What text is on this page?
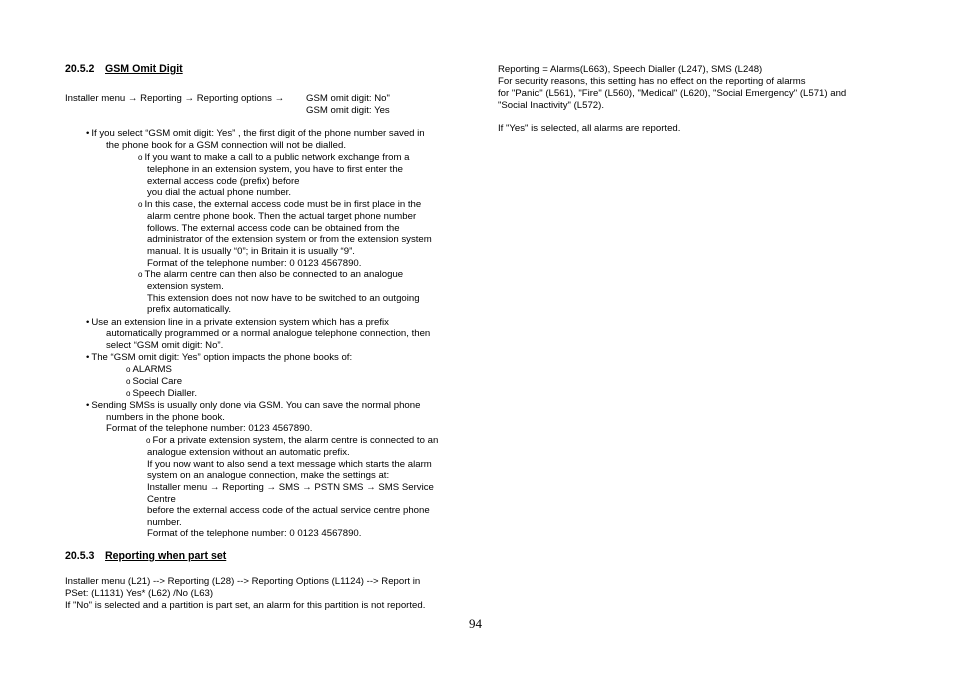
20.5.2 GSM Omit Digit
Installer menu → Reporting → Reporting options → GSM omit digit: No"
GSM omit digit: Yes
• If you select “GSM omit digit: Yes” , the first digit of the phone number saved in
the phone book for a GSM connection will not be dialled.
o If you want to make a call to a public network exchange from a
telephone in an extension system, you have to first enter the
external access code (prefix) before
you dial the actual phone number.
o In this case, the external access code must be in first place in the
alarm centre phone book. Then the actual target phone number
follows. The external access code can be obtained from the
administrator of the extension system or from the extension system
manual. It is usually “0”; in Britain it is usually “9”.
Format of the telephone number: 0 0123 4567890.
o The alarm centre can then also be connected to an analogue
extension system.
This extension does not now have to be switched to an outgoing
prefix automatically.
• Use an extension line in a private extension system which has a prefix
automatically programmed or a normal analogue telephone connection, then
select “GSM omit digit: No”.
• The “GSM omit digit: Yes” option impacts the phone books of:
o ALARMS
o Social Care
o Speech Dialler.
• Sending SMSs is usually only done via GSM. You can save the normal phone
numbers in the phone book.
Format of the telephone number: 0123 4567890.
o For a private extension system, the alarm centre is connected to an
analogue extension without an automatic prefix.
If you now want to also send a text message which starts the alarm
system on an analogue connection, make the settings at:
Installer menu → Reporting → SMS → PSTN SMS → SMS Service
Centre
before the external access code of the actual service centre phone
number.
Format of the telephone number: 0 0123 4567890.
20.5.3 Reporting when part set
Installer menu (L21) --> Reporting (L28) --> Reporting Options (L1124) --> Report in
PSet: (L1131) Yes* (L62) /No (L63)
If "No" is selected and a partition is part set, an alarm for this partition is not reported.
Reporting = Alarms(L663), Speech Dialler (L247), SMS (L248)
For security reasons, this setting has no effect on the reporting of alarms
for "Panic" (L561), "Fire" (L560), "Medical" (L620), "Social Emergency" (L571) and
"Social Inactivity" (L572).
If "Yes" is selected, all alarms are reported.
94
